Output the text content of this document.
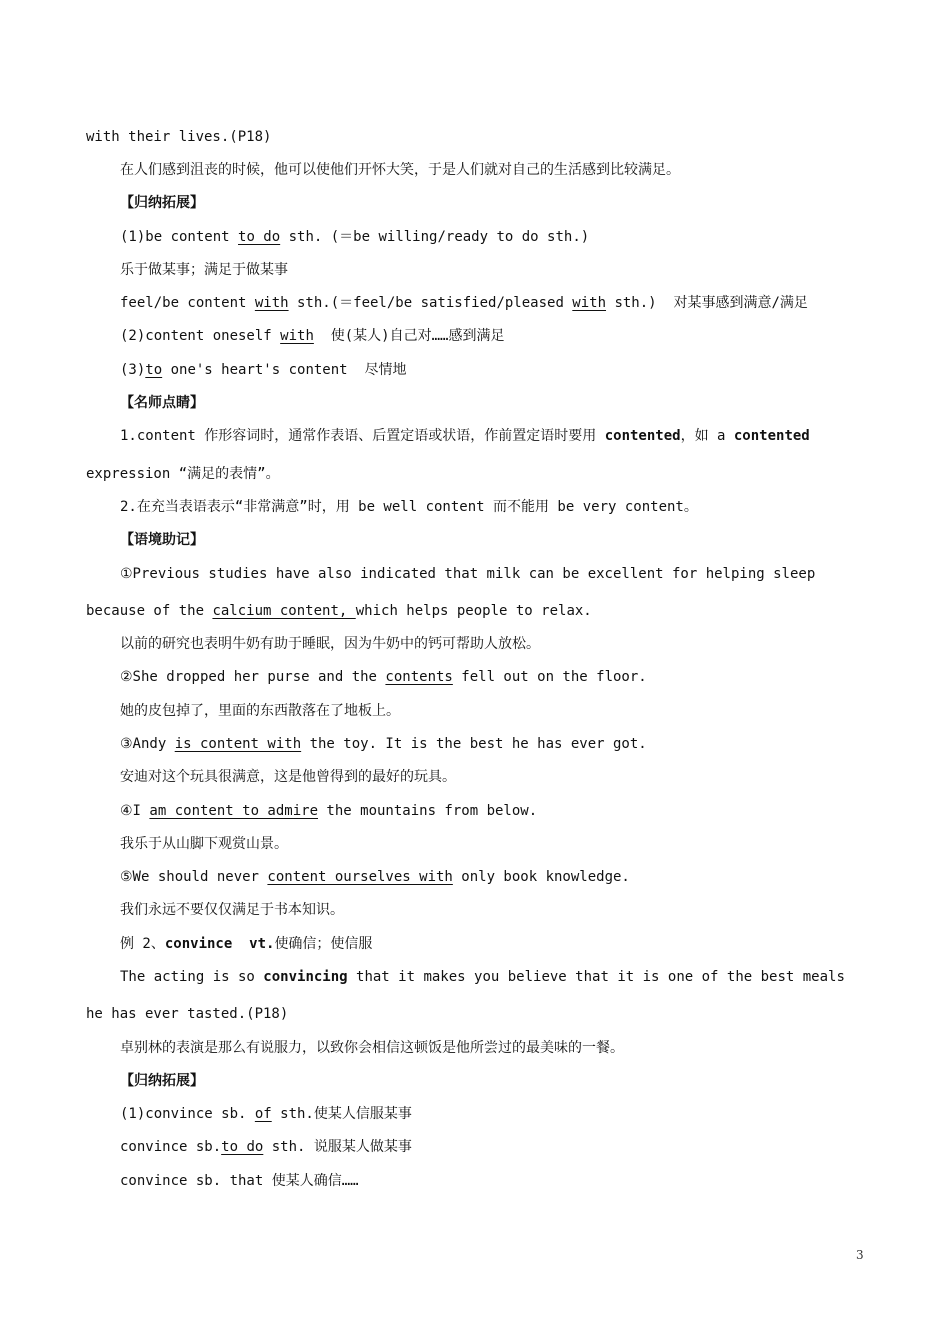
with their lives.(P18)
在人们感到沮丧的时候，他可以使他们开怀大笑，于是人们就对自己的生活感到比较满足。
【归纳拓展】
(1)be content to do sth. (＝be willing/ready to do sth.)
乐于做某事；满足于做某事
feel/be content with sth.(＝feel/be satisfied/pleased with sth.)  对某事感到满意/满足
(2)content oneself with  使(某人)自己对……感到满足
(3)to one's heart's content  尽情地
【名师点睛】
1.content 作形容词时，通常作表语、后置定语或状语，作前置定语时要用 contented，如 a contented
expression “满足的表情”。
2.在充当表语表示“非常满意”时，用 be well content 而不能用 be very content。
【语境助记】
①Previous studies have also indicated that milk can be excellent for helping sleep
because of the calcium content, which helps people to relax.
以前的研究也表明牛奶有助于睡眠，因为牛奶中的钙可帮助人放松。
②She dropped her purse and the contents fell out on the floor.
她的皮包掉了，里面的东西散落在了地板上。
③Andy is content with the toy. It is the best he has ever got.
安迪对这个玩具很满意，这是他曾得到的最好的玩具。
④I am content to admire the mountains from below.
我乐于从山脚下观赏山景。
⑤We should never content ourselves with only book knowledge.
我们永远不要仅仅满足于书本知识。
例 2、convince  vt.使确信；使信服
The acting is so convincing that it makes you believe that it is one of the best meals
he has ever tasted.(P18)
卓别林的表演是那么有说服力，以致你会相信这顿饭是他所尝过的最美味的一餐。
【归纳拓展】
(1)convince sb. of sth.使某人信服某事
convince sb.to do sth. 说服某人做某事
convince sb. that 使某人确信……
3
